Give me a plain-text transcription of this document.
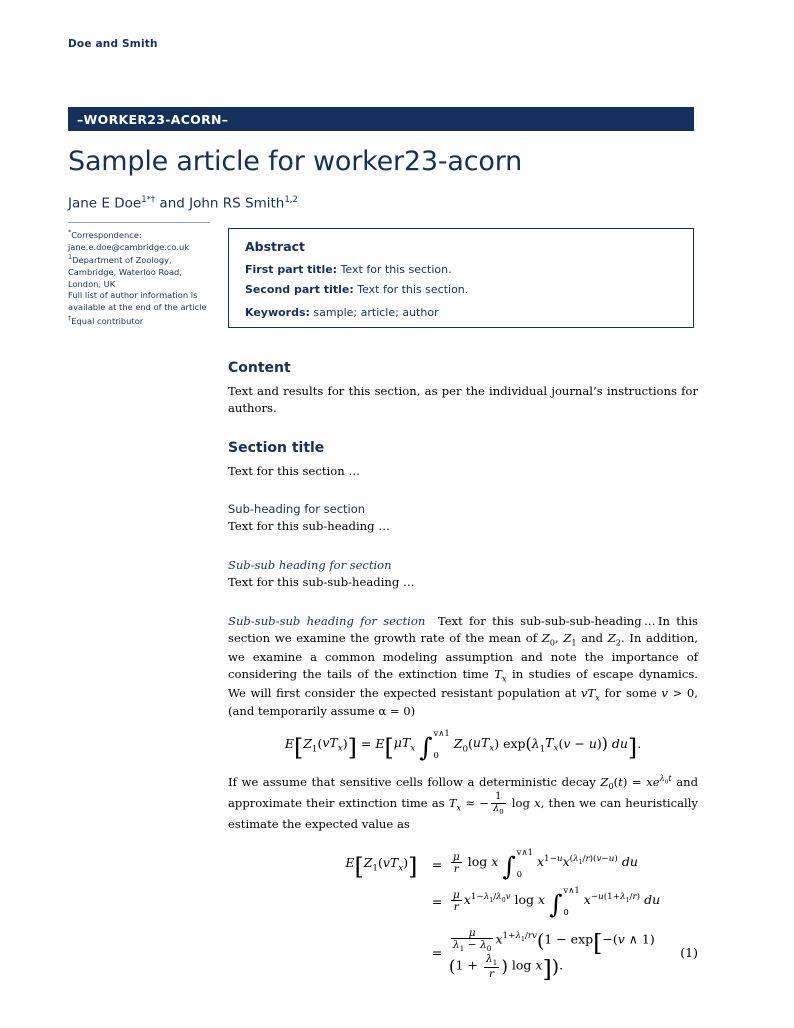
Doe and Smith
–WORKER23-ACORN–
Sample article for worker23-acorn
Jane E Doe$^{1*\dagger}$ and John RS Smith$^{1,2}$
*Correspondence:
jane.e.doe@cambridge.co.uk
$^1$Department of Zoology,
Cambridge, Waterloo Road,
London, UK
Full list of author information is
available at the end of the article
†Equal contributor
Abstract
First part title: Text for this section.
Second part title: Text for this section.
Keywords: sample; article; author
Content

Text and results for this section, as per the individual journal’s instructions for authors.

Section title

Text for this section …

Sub-heading for section

Text for this sub-heading …

Sub-sub heading for section

Text for this sub-sub-heading …

Sub-sub-sub heading for section  Text for this sub-sub-sub-heading … In this section we examine the growth rate of the mean of $Z_0$, $Z_1$ and $Z_2$. In addition, we examine a common modeling assumption and note the importance of considering the tails of the extinction time $T_x$ in studies of escape dynamics. We will first consider the expected resistant population at $vT_x$ for some v > 0, (and temporarily assume α = 0)

$E[Z_1(vT_x)] = E[\mu T_x$ ∫
v∧1
0
$Z_0(uT_x) \exp(\lambda_1T_x(v - u))$ du].

If we assume that sensitive cells follow a deterministic decay $Z_0(t) = xe^{\lambda_0t}$ and approximate their extinction time as $T_x$ ≈ − $\frac{1}{\lambda_0}$ log x, then we can heuristically estimate the expected value as

$E[Z_1(vT_x)]$	=	$\frac{\mu}{r}$ log x ∫
v∧1
0
$x^{1-u}x^{(\lambda_1/r)(v-u)}$ du	
	=	$\frac{\mu}{r} x^{1-\lambda_1/\lambda_0v}$ log x ∫
v∧1
0
$x^{-u(1+\lambda_1/r)}$ du	
	=	$\frac{\mu}{\lambda_1 - \lambda_0} x^{1+\lambda_1/rv}(1 - \exp[-(v$ ∧ $1)(1 + \frac{\lambda_1}{r}$ ) log x]).	(1)
